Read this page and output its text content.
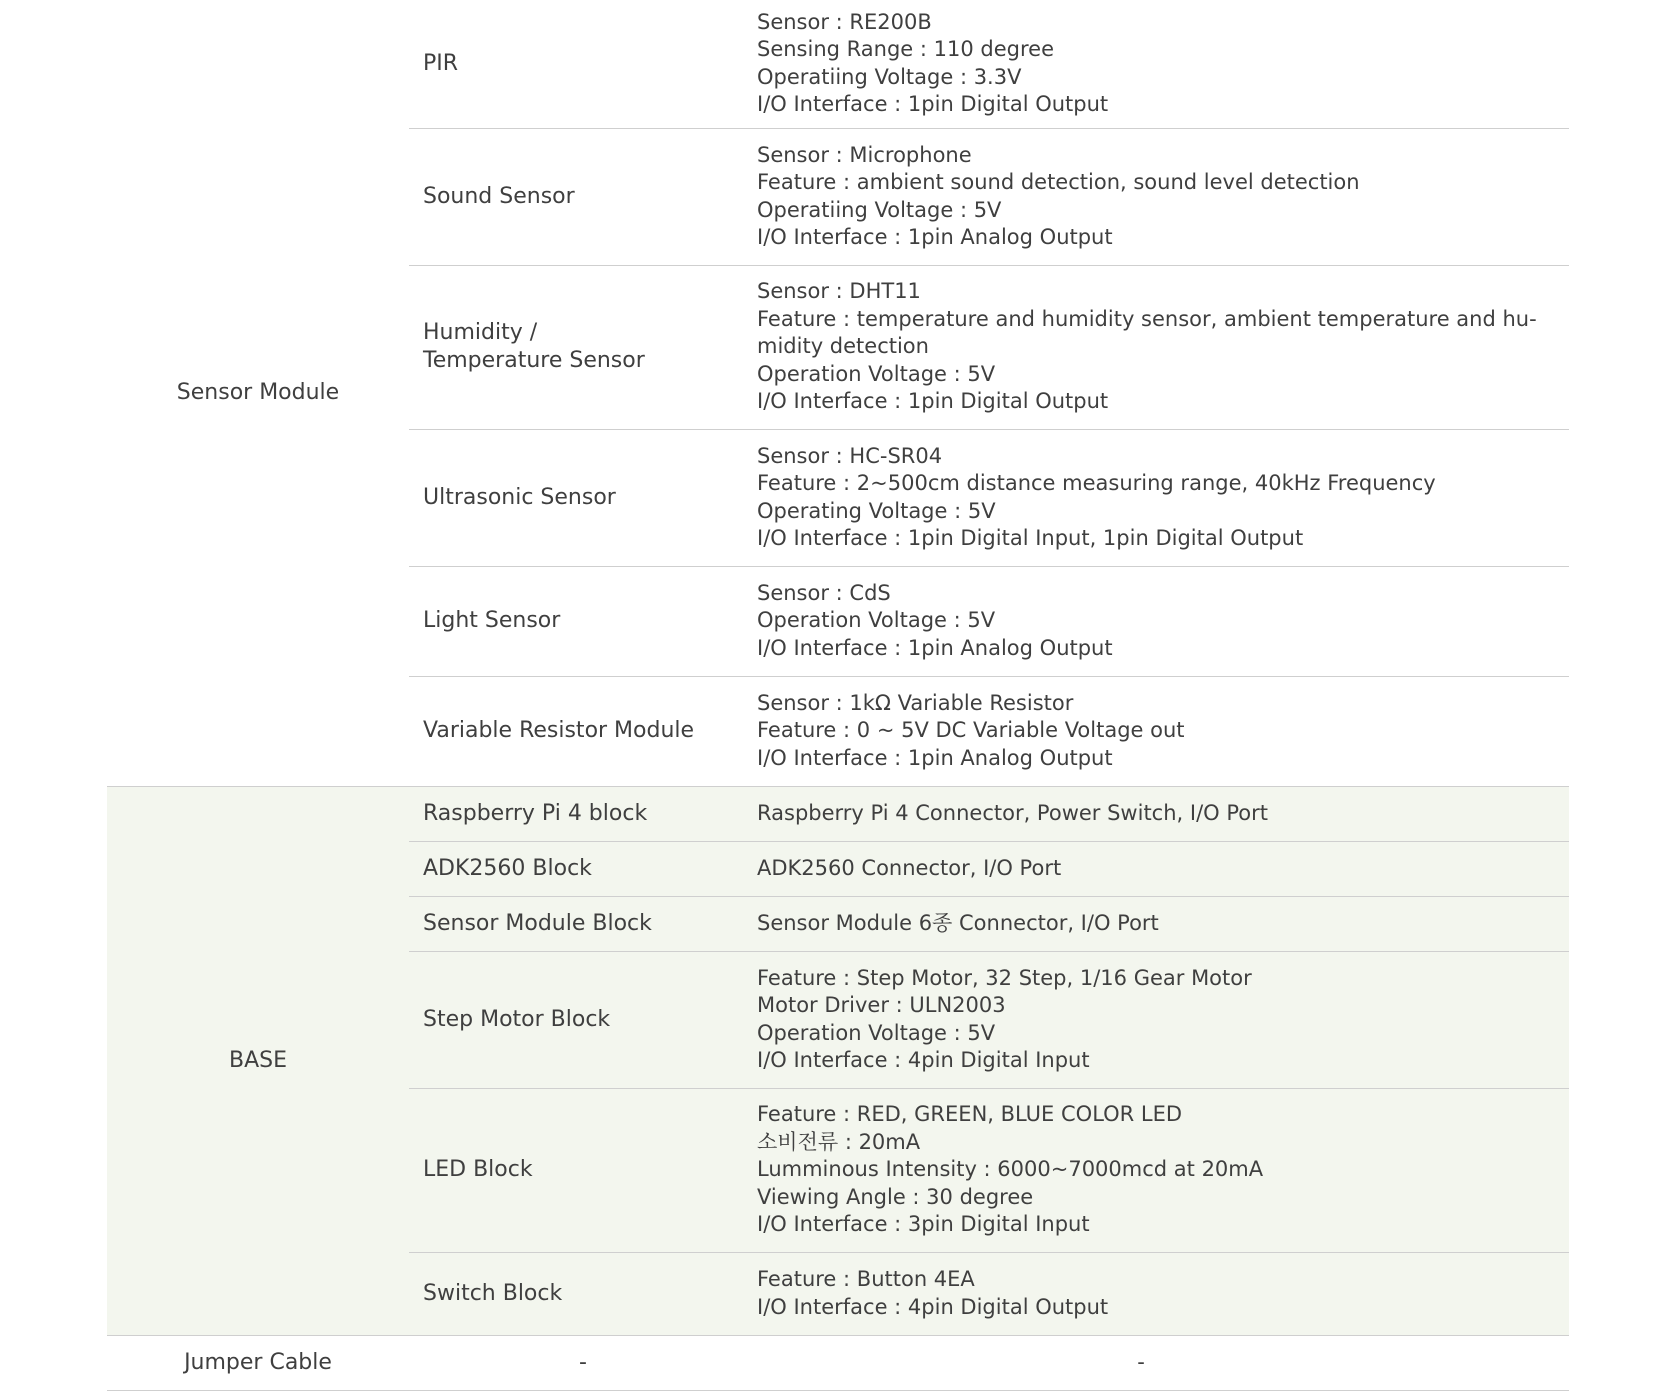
Sensor Module	PIR	Sensor : RE200B
Sensing Range : 110 degree
Operatiing Voltage : 3.3V
I/O Interface : 1pin Digital Output

	Sound Sensor	Sensor : Microphone
Feature : ambient sound detection, sound level detection
Operatiing Voltage : 5V
I/O Interface : 1pin Analog Output

	Humidity /
Temperature Sensor	Sensor : DHT11
Feature : temperature and humidity sensor, ambient temperature and hu-
midity detection
Operation Voltage : 5V
I/O Interface : 1pin Digital Output

	Ultrasonic Sensor	Sensor : HC-SR04
Feature : 2~500cm distance measuring range, 40kHz Frequency
Operating Voltage : 5V
I/O Interface : 1pin Digital Input, 1pin Digital Output

	Light Sensor	Sensor : CdS
Operation Voltage : 5V
I/O Interface : 1pin Analog Output

	Variable Resistor Module	Sensor : 1kΩ Variable Resistor
Feature : 0 ~ 5V DC Variable Voltage out
I/O Interface : 1pin Analog Output

BASE	Raspberry Pi 4 block	Raspberry Pi 4 Connector, Power Switch, I/O Port

	ADK2560 Block	ADK2560 Connector, I/O Port

	Sensor Module Block	Sensor Module 6종 Connector, I/O Port

	Step Motor Block	Feature : Step Motor, 32 Step, 1/16 Gear Motor
Motor Driver : ULN2003
Operation Voltage : 5V
I/O Interface : 4pin Digital Input

	LED Block	Feature : RED, GREEN, BLUE COLOR LED
소비전류 : 20mA
Lumminous Intensity : 6000~7000mcd at 20mA
Viewing Angle : 30 degree
I/O Interface : 3pin Digital Input

	Switch Block	Feature : Button 4EA
I/O Interface : 4pin Digital Output

Jumper Cable	-	-
